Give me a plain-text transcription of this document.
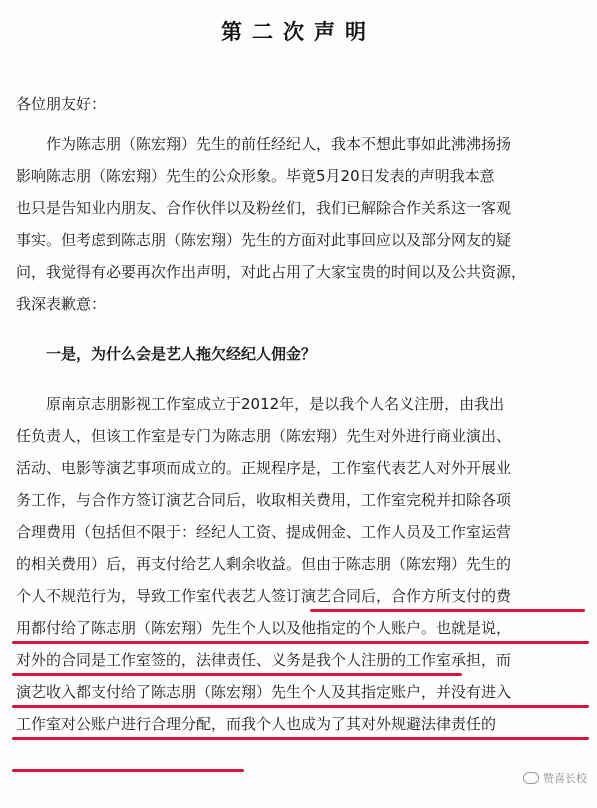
第二次声明
各位朋友好：
作为陈志朋（陈宏翔）先生的前任经纪人，我本不想此事如此沸沸扬扬
影响陈志朋（陈宏翔）先生的公众形象。毕竟5月20日发表的声明我本意
也只是告知业内朋友、合作伙伴以及粉丝们，我们已解除合作关系这一客观
事实。但考虑到陈志朋（陈宏翔）先生的方面对此事回应以及部分网友的疑
问，我觉得有必要再次作出声明，对此占用了大家宝贵的时间以及公共资源，
我深表歉意：
一是，为什么会是艺人拖欠经纪人佣金？
原南京志朋影视工作室成立于2012年，是以我个人名义注册，由我出
任负责人，但该工作室是专门为陈志朋（陈宏翔）先生对外进行商业演出、
活动、电影等演艺事项而成立的。正规程序是，工作室代表艺人对外开展业
务工作，与合作方签订演艺合同后，收取相关费用，工作室完税并扣除各项
合理费用（包括但不限于：经纪人工资、提成佣金、工作人员及工作室运营
的相关费用）后，再支付给艺人剩余收益。但由于陈志朋（陈宏翔）先生的
个人不规范行为，导致工作室代表艺人签订演艺合同后，合作方所支付的费
用都付给了陈志朋（陈宏翔）先生个人以及他指定的个人账户。也就是说，
对外的合同是工作室签的，法律责任、义务是我个人注册的工作室承担，而
演艺收入都支付给了陈志朋（陈宏翔）先生个人及其指定账户，并没有进入
工作室对公账户进行合理分配，而我个人也成为了其对外规避法律责任的
赞喜长校
